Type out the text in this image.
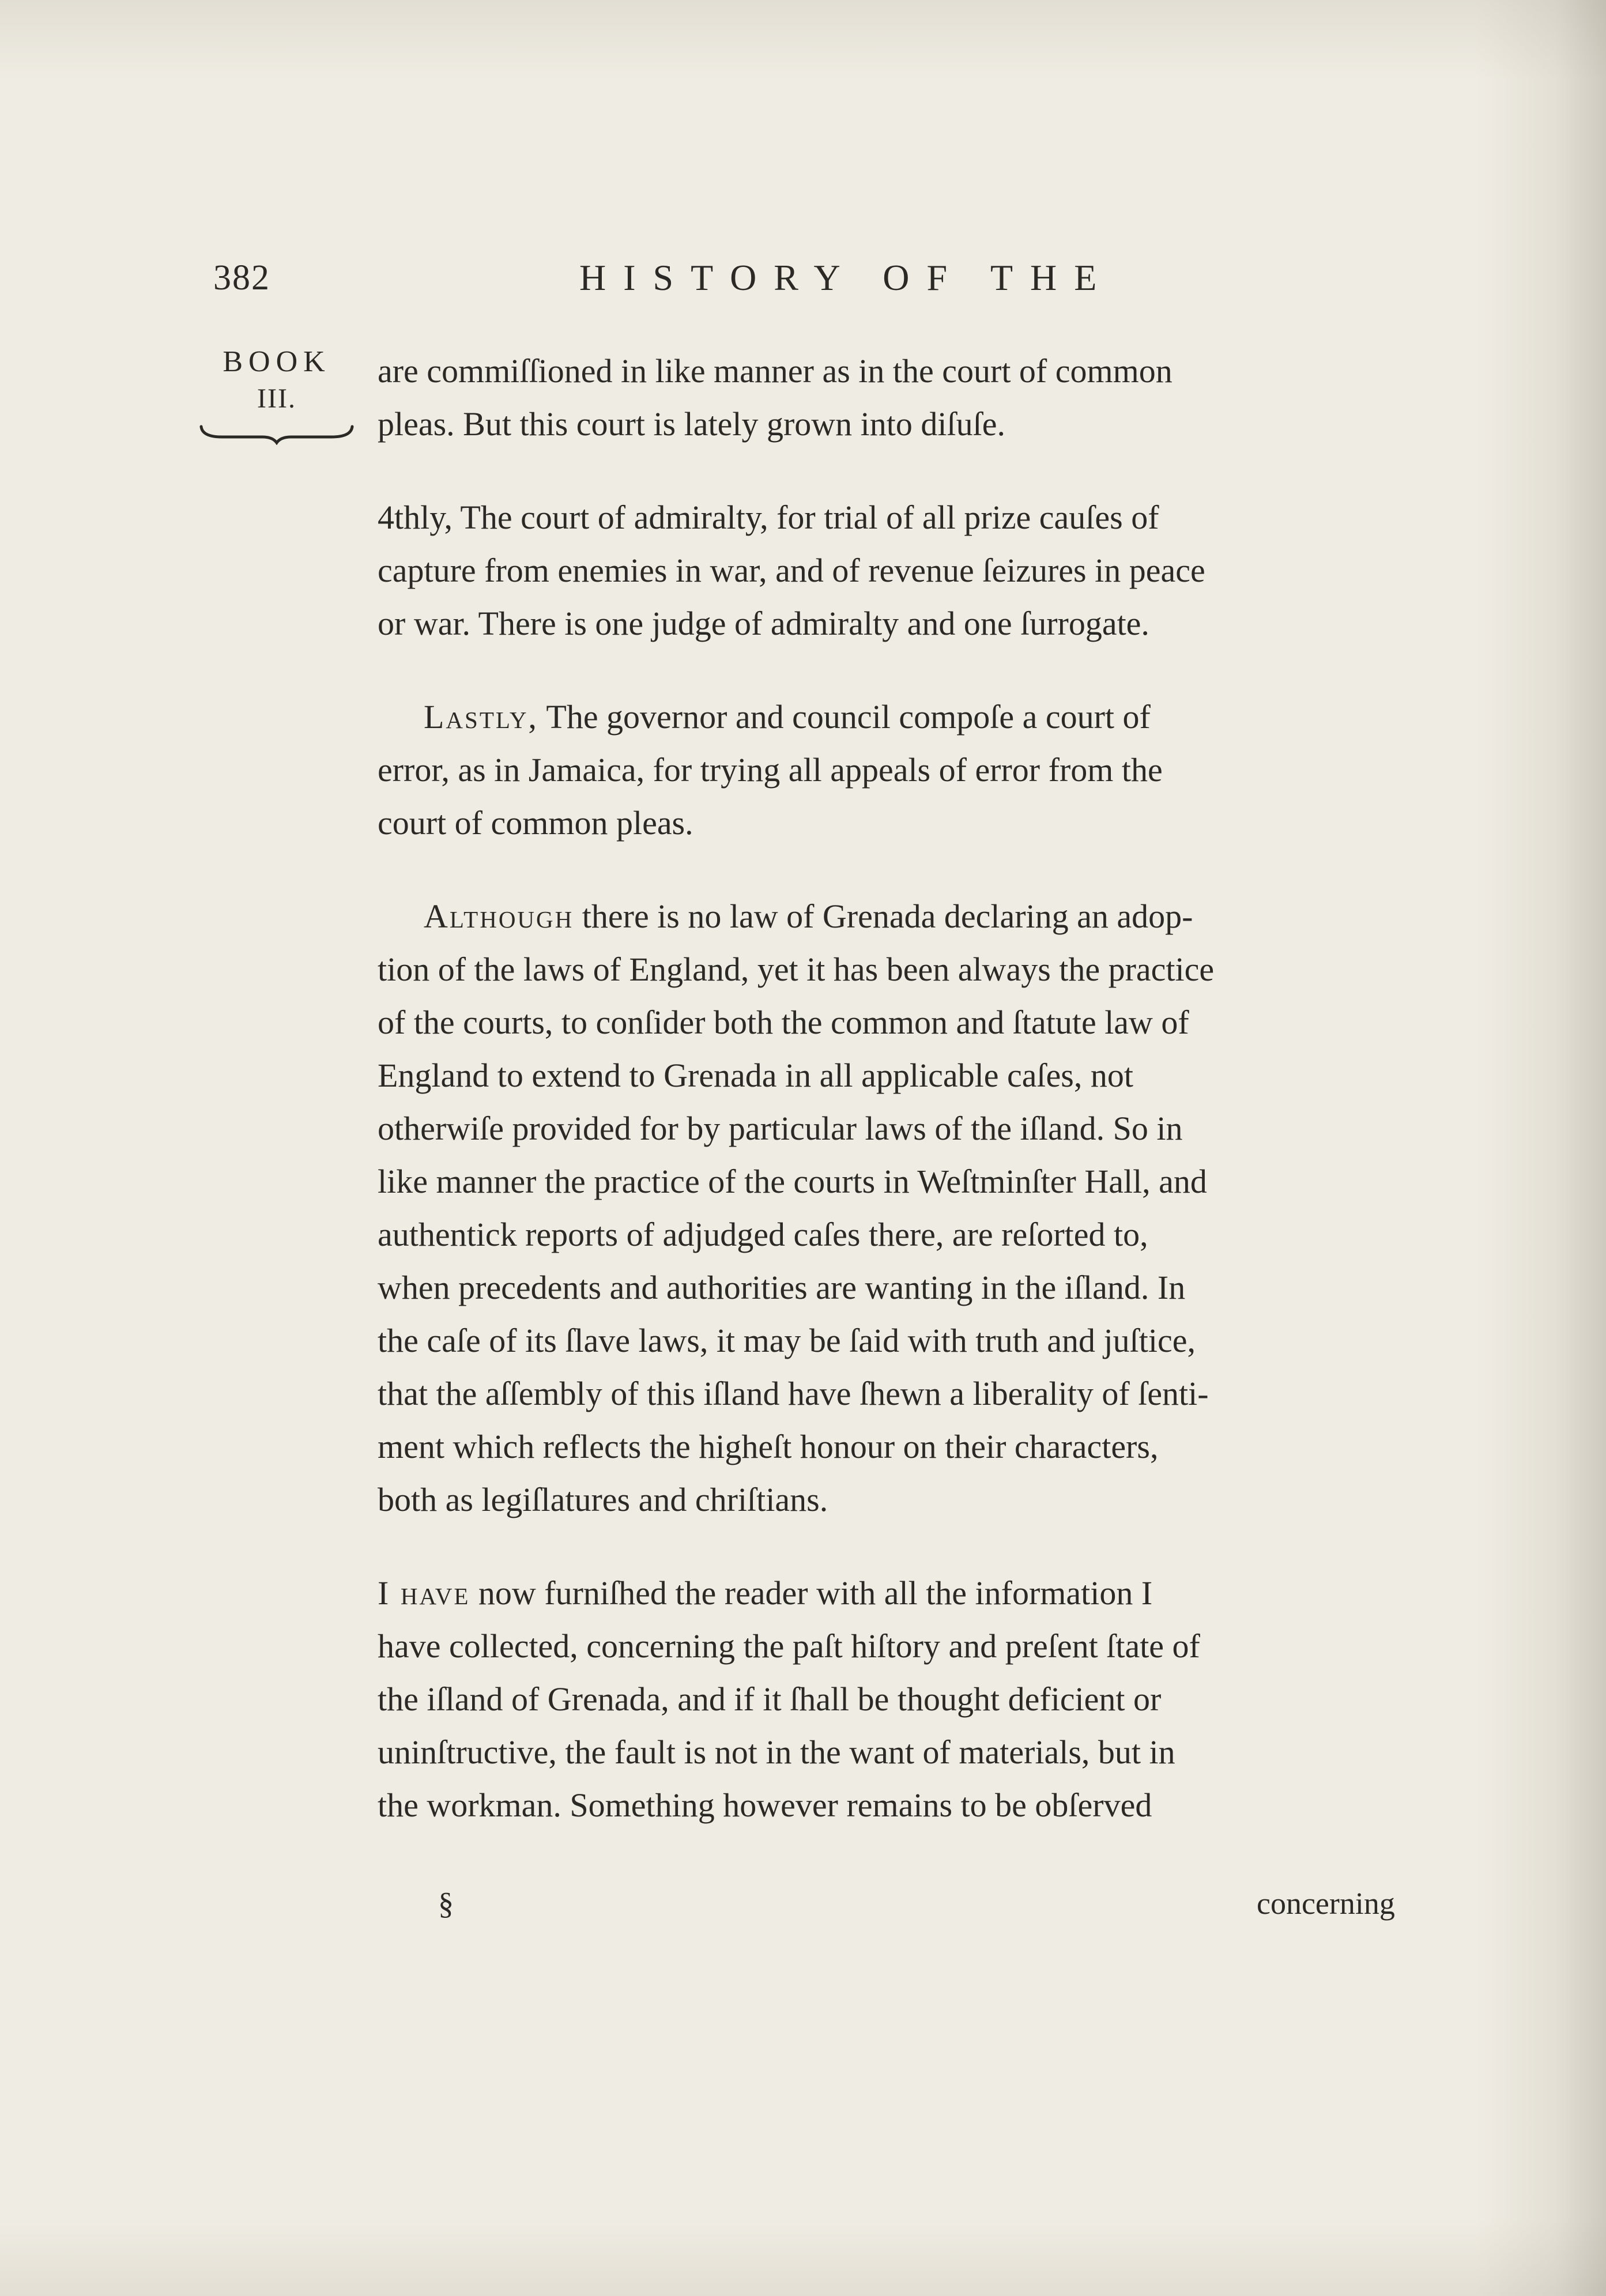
382	HISTORY OF THE
BOOK
III.

are commiſſioned in like manner as in the court of common
pleas. But this court is lately grown into diſuſe.

4thly, The court of admiralty, for trial of all prize cauſes of
capture from enemies in war, and of revenue ſeizures in peace
or war. There is one judge of admiralty and one ſurrogate.

Lastly, The governor and council compoſe a court of
error, as in Jamaica, for trying all appeals of error from the
court of common pleas.

Although there is no law of Grenada declaring an adop-
tion of the laws of England, yet it has been always the practice
of the courts, to conſider both the common and ſtatute law of
England to extend to Grenada in all applicable caſes, not
otherwiſe provided for by particular laws of the iſland. So in
like manner the practice of the courts in Weſtminſter Hall, and
authentick reports of adjudged caſes there, are reſorted to,
when precedents and authorities are wanting in the iſland. In
the caſe of its ſlave laws, it may be ſaid with truth and juſtice,
that the aſſembly of this iſland have ſhewn a liberality of ſenti-
ment which reflects the higheſt honour on their characters,
both as legiſlatures and chriſtians.

I have now furniſhed the reader with all the information I
have collected, concerning the paſt hiſtory and preſent ſtate of
the iſland of Grenada, and if it ſhall be thought deficient or
uninſtructive, the fault is not in the want of materials, but in
the workman. Something however remains to be obſerved

§	concerning
